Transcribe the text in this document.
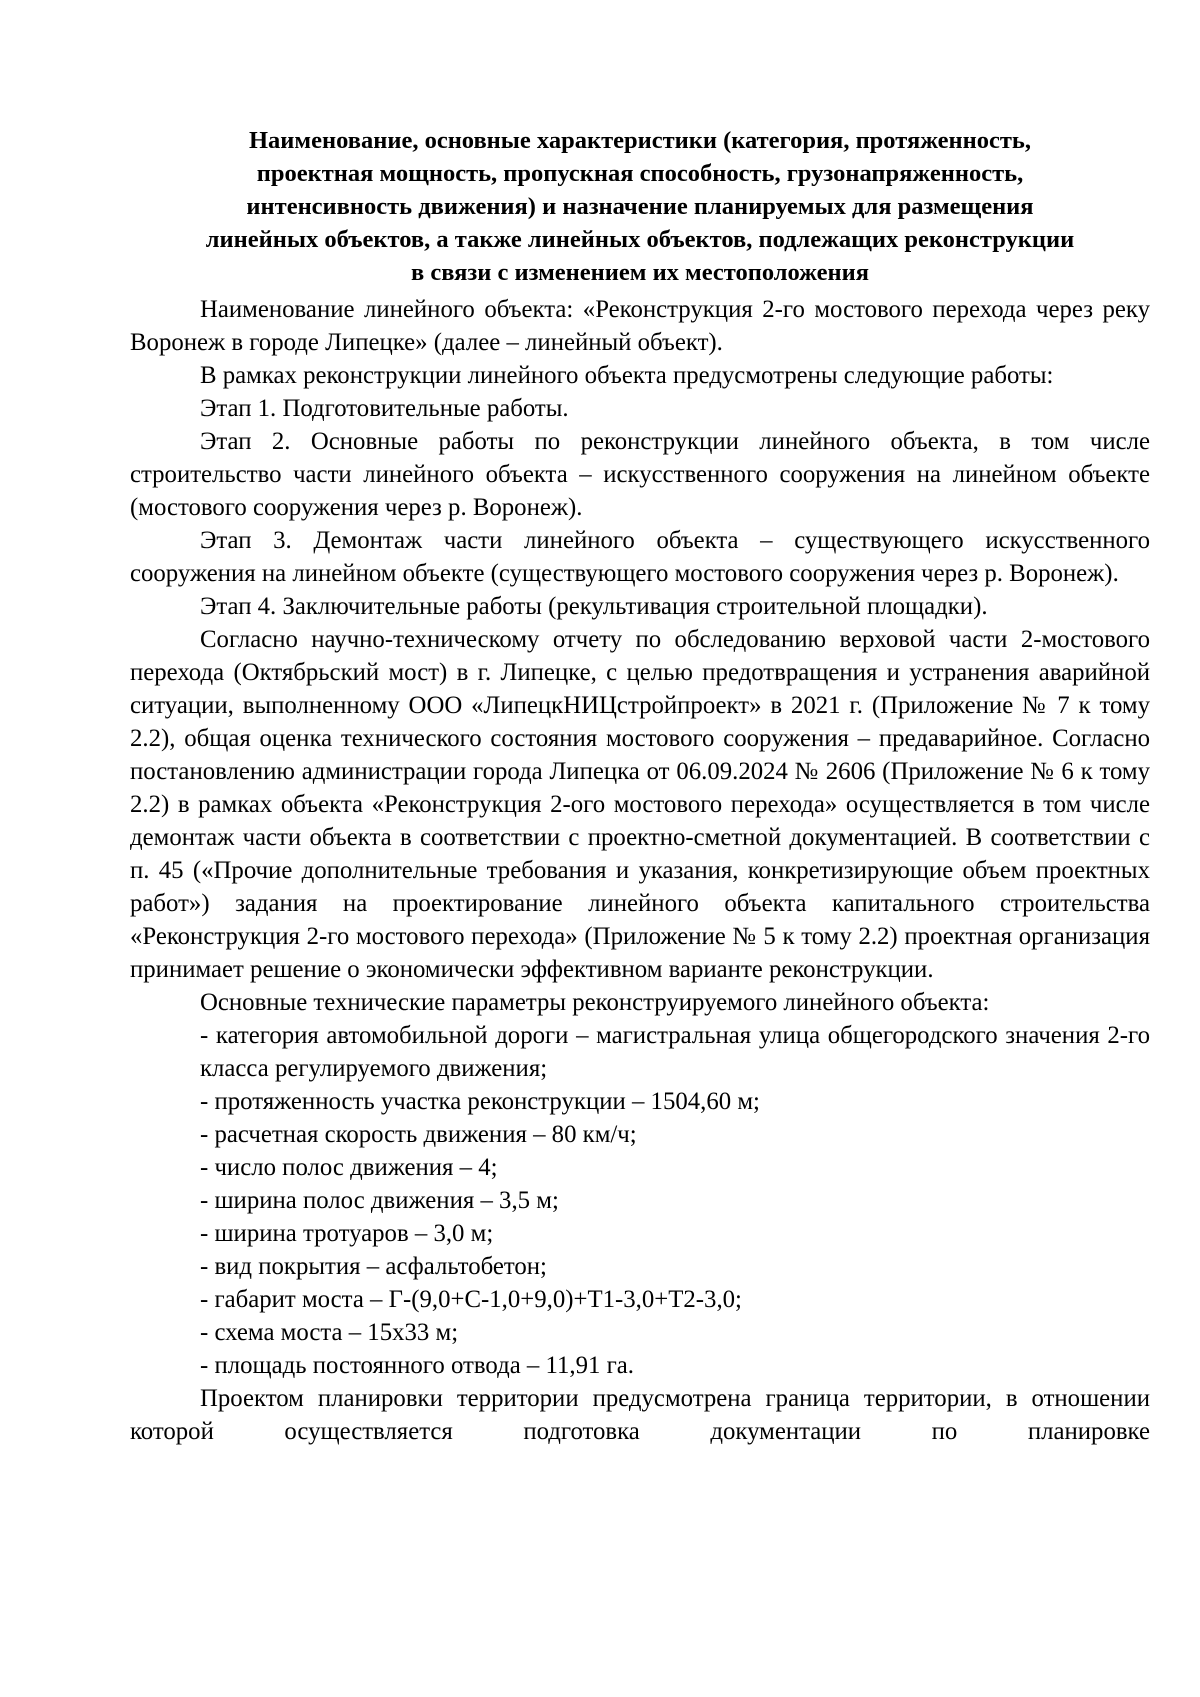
Наименование, основные характеристики (категория, протяженность,
проектная мощность, пропускная способность, грузонапряженность,
интенсивность движения) и назначение планируемых для размещения
линейных объектов, а также линейных объектов, подлежащих реконструкции
в связи с изменением их местоположения

Наименование линейного объекта: «Реконструкция 2-го мостового перехода через реку Воронеж в городе Липецке» (далее – линейный объект).

В рамках реконструкции линейного объекта предусмотрены следующие работы:

Этап 1. Подготовительные работы.

Этап 2. Основные работы по реконструкции линейного объекта, в том числе строительство части линейного объекта – искусственного сооружения на линейном объекте (мостового сооружения через р. Воронеж).

Этап 3. Демонтаж части линейного объекта – существующего искусственного сооружения на линейном объекте (существующего мостового сооружения через р. Воронеж).

Этап 4. Заключительные работы (рекультивация строительной площадки).

Согласно научно-техническому отчету по обследованию верховой части 2-мостового перехода (Октябрьский мост) в г. Липецке, с целью предотвращения и устранения аварийной ситуации, выполненному ООО «ЛипецкНИЦстройпроект» в 2021 г. (Приложение № 7 к тому 2.2), общая оценка технического состояния мостового сооружения – предаварийное. Согласно постановлению администрации города Липецка от 06.09.2024 № 2606 (Приложение № 6 к тому 2.2) в рамках объекта «Реконструкция 2-ого мостового перехода» осуществляется в том числе демонтаж части объекта в соответствии с проектно-сметной документацией. В соответствии с п. 45 («Прочие дополнительные требования и указания, конкретизирующие объем проектных работ») задания на проектирование линейного объекта капитального строительства «Реконструкция 2-го мостового перехода» (Приложение № 5 к тому 2.2) проектная организация принимает решение о экономически эффективном варианте реконструкции.

Основные технические параметры реконструируемого линейного объекта:

- категория автомобильной дороги – магистральная улица общегородского значения 2-го класса регулируемого движения;
- протяженность участка реконструкции – 1504,60 м;
- расчетная скорость движения – 80 км/ч;
- число полос движения – 4;
- ширина полос движения – 3,5 м;
- ширина тротуаров – 3,0 м;
- вид покрытия – асфальтобетон;
- габарит моста – Г-(9,0+С-1,0+9,0)+Т1-3,0+Т2-3,0;
- схема моста – 15х33 м;
- площадь постоянного отвода – 11,91 га.

Проектом планировки территории предусмотрена граница территории, в отношении которой осуществляется подготовка документации по планировке
